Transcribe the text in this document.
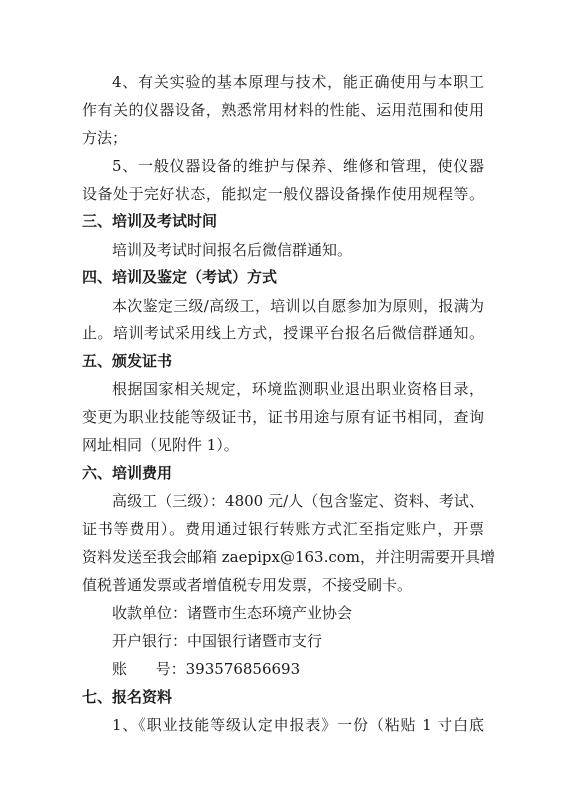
4、有关实验的基本原理与技术，能正确使用与本职工
作有关的仪器设备，熟悉常用材料的性能、运用范围和使用
方法；
5、一般仪器设备的维护与保养、维修和管理，使仪器
设备处于完好状态，能拟定一般仪器设备操作使用规程等。
三、培训及考试时间
培训及考试时间报名后微信群通知。
四、培训及鉴定（考试）方式
本次鉴定三级/高级工，培训以自愿参加为原则，报满为
止。培训考试采用线上方式，授课平台报名后微信群通知。
五、颁发证书
根据国家相关规定，环境监测职业退出职业资格目录，
变更为职业技能等级证书，证书用途与原有证书相同，查询
网址相同（见附件 1）。
六、培训费用
高级工（三级）：4800 元/人（包含鉴定、资料、考试、
证书等费用）。费用通过银行转账方式汇至指定账户，开票
资料发送至我会邮箱 zaepipx@163.com，并注明需要开具增
值税普通发票或者增值税专用发票，不接受刷卡。
收款单位：诸暨市生态环境产业协会
开户银行：中国银行诸暨市支行
账      号：393576856693
七、报名资料
1、《职业技能等级认定申报表》一份（粘贴 1 寸白底
